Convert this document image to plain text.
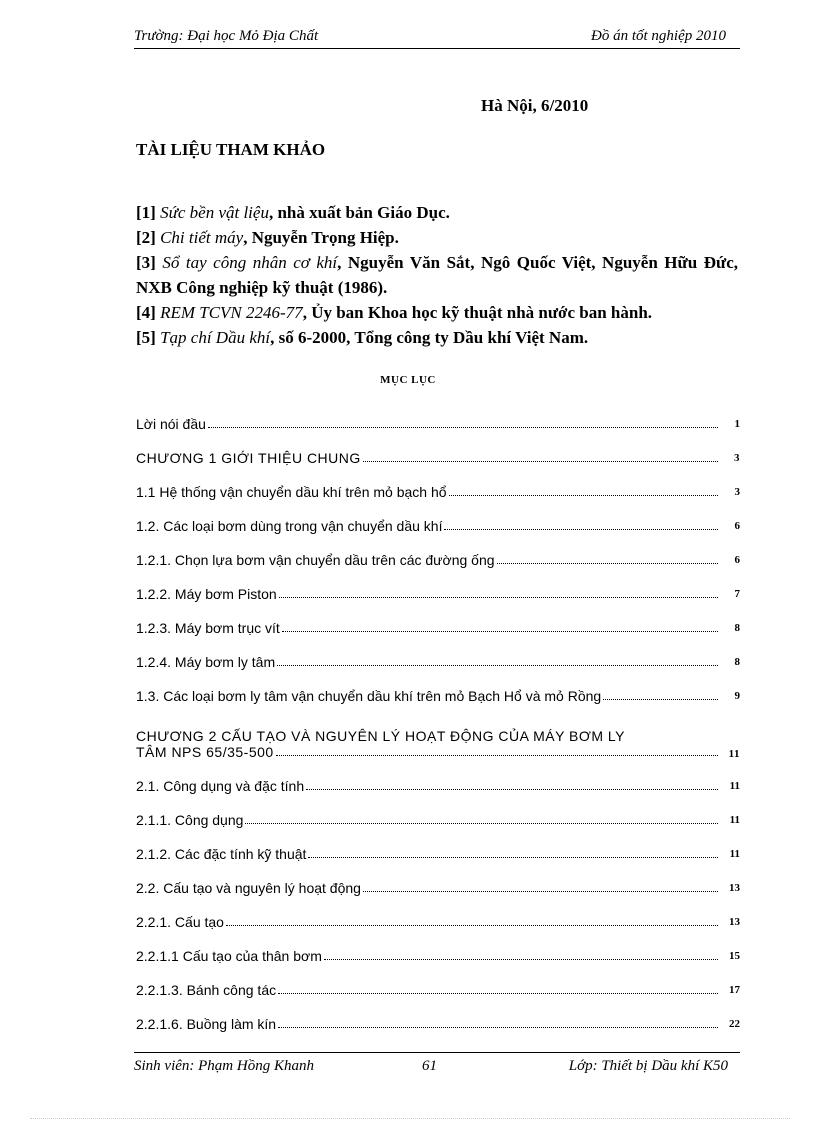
Trường: Đại học Mỏ Địa Chất	Đồ án tốt nghiệp 2010
Hà Nội, 6/2010
TÀI LIỆU THAM KHẢO
[1] Sức bền vật liệu, nhà xuất bản Giáo Dục.
[2] Chi tiết máy, Nguyễn Trọng Hiệp.
[3] Sổ tay công nhân cơ khí, Nguyễn Văn Sắt, Ngô Quốc Việt, Nguyễn Hữu Đức, NXB Công nghiệp kỹ thuật (1986).
[4] REM TCVN 2246-77, Ủy ban Khoa học kỹ thuật nhà nước ban hành.
[5] Tạp chí Dầu khí, số 6-2000, Tổng công ty Dầu khí Việt Nam.
MỤC LỤC
Lời nói đầu	1
CHƯƠNG 1 GIỚI THIỆU CHUNG	3
1.1 Hệ thống vận chuyển dầu khí trên mỏ bạch hổ	3
1.2. Các loại bơm dùng trong vận chuyển dầu khí	6
1.2.1. Chọn lựa bơm vận chuyển dầu trên các đường ống	6
1.2.2. Máy bơm Piston	7
1.2.3. Máy bơm trục vít	8
1.2.4. Máy bơm ly tâm	8
1.3. Các loại bơm ly tâm vận chuyển dầu khí trên mỏ Bạch Hổ và mỏ Rồng	9
CHƯƠNG 2 CẤU TẠO VÀ NGUYÊN LÝ HOẠT ĐỘNG CỦA MÁY BƠM LY
TÂM NPS 65/35-500	11
2.1. Công dụng và đặc tính	11
2.1.1. Công dụng	11
2.1.2. Các đặc tính kỹ thuật	11
2.2. Cấu tạo và nguyên lý hoạt động	13
2.2.1. Cấu tạo	13
2.2.1.1 Cấu tạo của thân bơm	15
2.2.1.3. Bánh công tác	17
2.2.1.6. Buồng làm kín	22
Sinh viên: Phạm Hồng Khanh	61	Lớp: Thiết bị Dầu khí K50
